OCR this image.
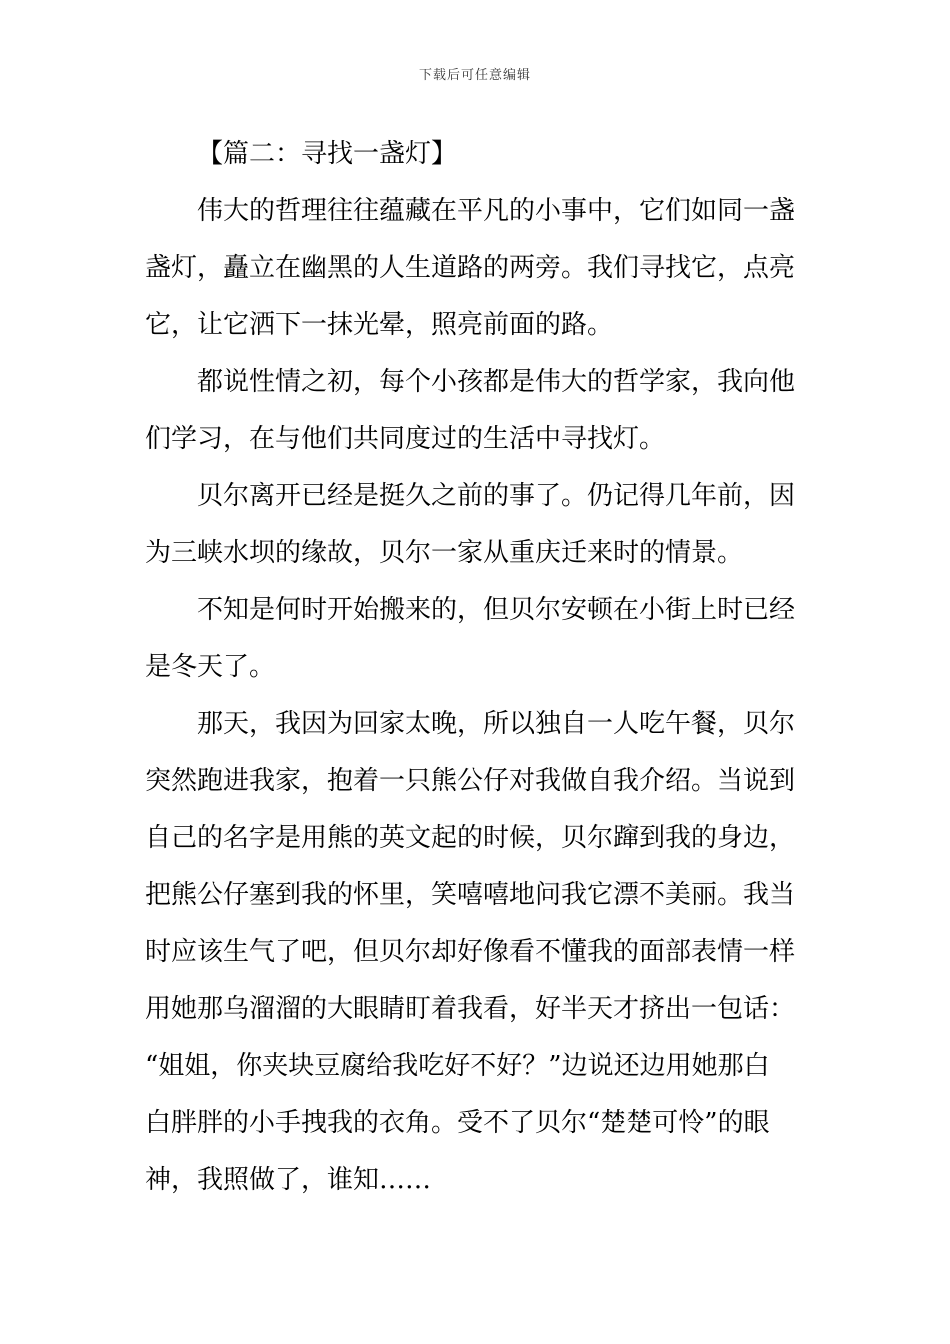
下载后可任意编辑
【篇二：寻找一盏灯】
伟大的哲理往往蕴藏在平凡的小事中，它们如同一盏
盏灯，矗立在幽黑的人生道路的两旁。我们寻找它，点亮
它，让它洒下一抹光晕，照亮前面的路。
都说性情之初，每个小孩都是伟大的哲学家，我向他
们学习，在与他们共同度过的生活中寻找灯。
贝尔离开已经是挺久之前的事了。仍记得几年前，因
为三峡水坝的缘故，贝尔一家从重庆迁来时的情景。
不知是何时开始搬来的，但贝尔安顿在小街上时已经
是冬天了。
那天，我因为回家太晚，所以独自一人吃午餐，贝尔
突然跑进我家，抱着一只熊公仔对我做自我介绍。当说到
自己的名字是用熊的英文起的时候，贝尔蹿到我的身边，
把熊公仔塞到我的怀里，笑嘻嘻地问我它漂不美丽。我当
时应该生气了吧，但贝尔却好像看不懂我的面部表情一样
用她那乌溜溜的大眼睛盯着我看，好半天才挤出一包话：
“姐姐，你夹块豆腐给我吃好不好？”边说还边用她那白
白胖胖的小手拽我的衣角。受不了贝尔“楚楚可怜”的眼
神，我照做了，谁知……
